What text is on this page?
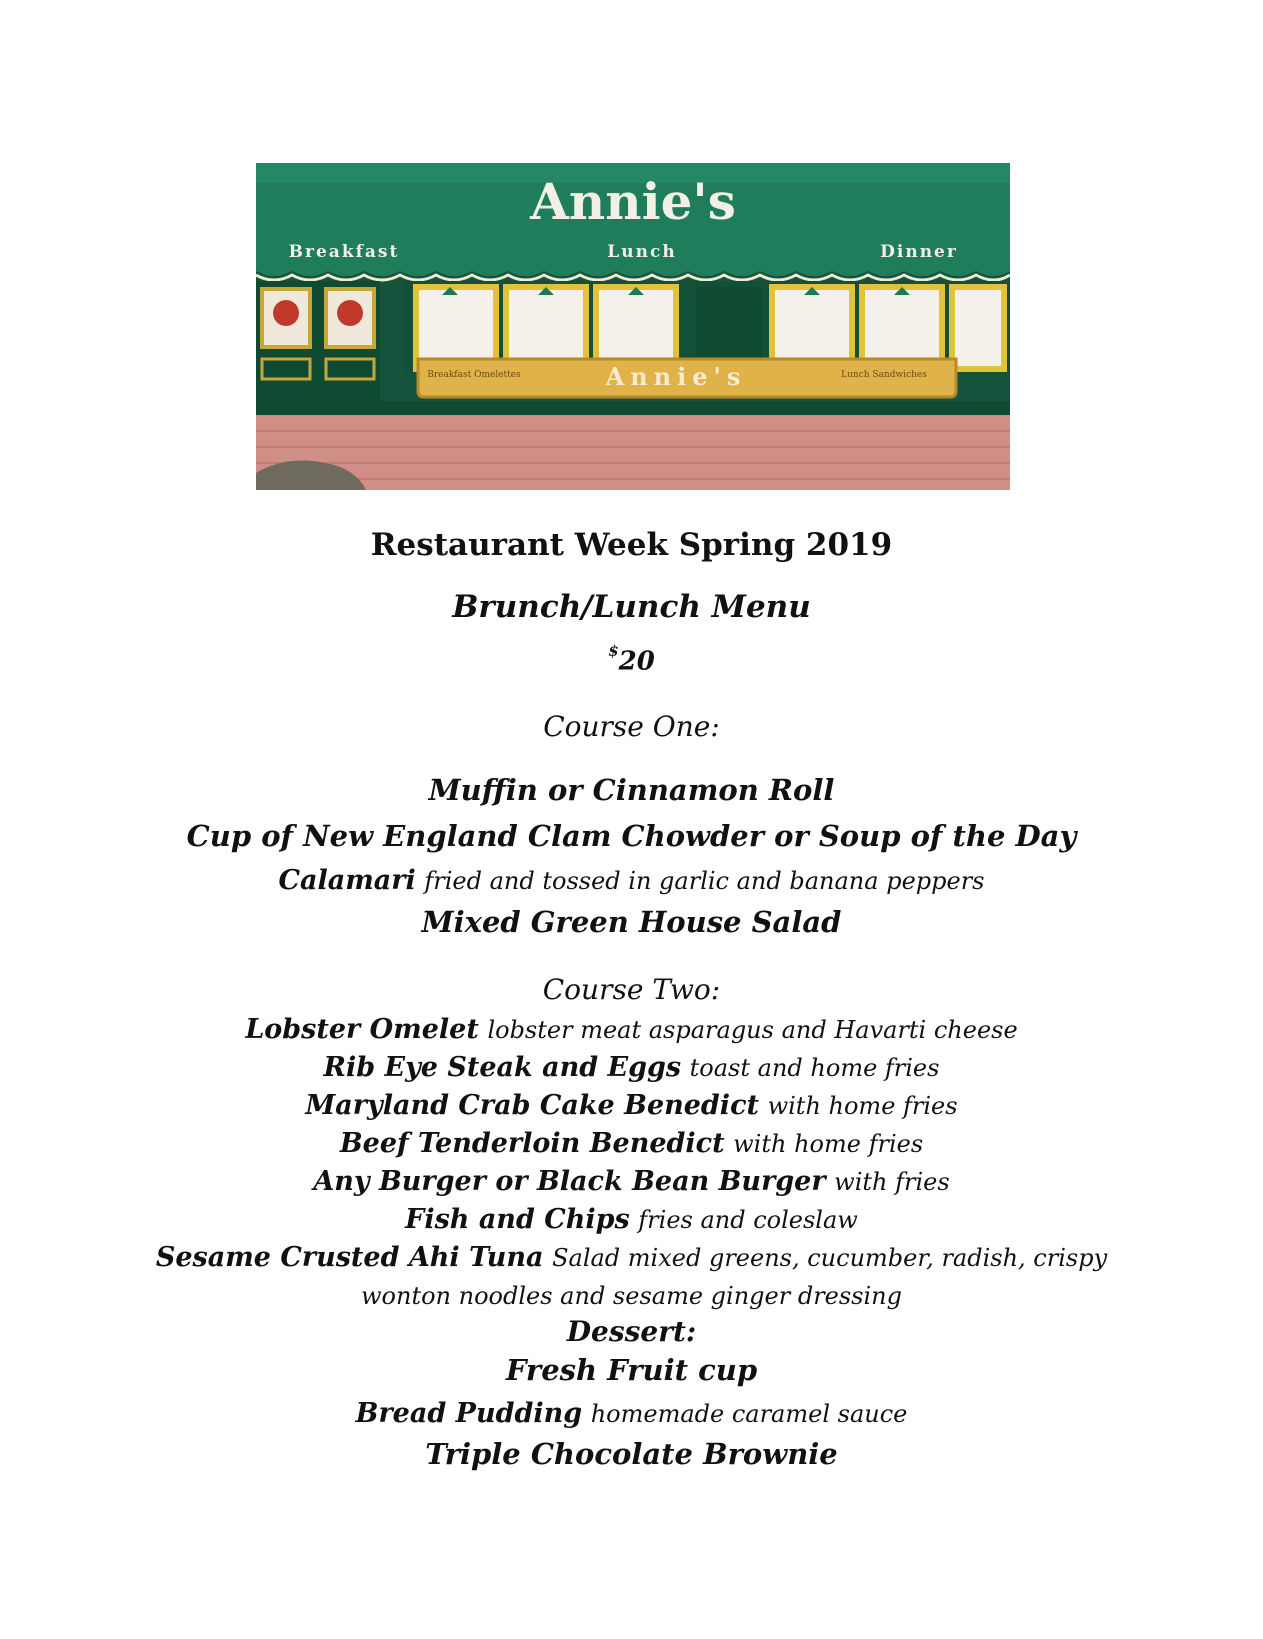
Annie's
Breakfast	Lunch	Dinner
Annie's
Breakfast Omelettes	Lunch Sandwiches
Restaurant Week Spring 2019
Brunch/Lunch Menu
$20
Course One:
Muffin or Cinnamon Roll
Cup of New England Clam Chowder or Soup of the Day
Calamari fried and tossed in garlic and banana peppers
Mixed Green House Salad
Course Two:
Lobster Omelet lobster meat asparagus and Havarti cheese
Rib Eye Steak and Eggs toast and home fries
Maryland Crab Cake Benedict with home fries
Beef Tenderloin Benedict with home fries
Any Burger or Black Bean Burger with fries
Fish and Chips fries and coleslaw
Sesame Crusted Ahi Tuna Salad mixed greens, cucumber, radish, crispy
wonton noodles and sesame ginger dressing
Dessert:
Fresh Fruit cup
Bread Pudding homemade caramel sauce
Triple Chocolate Brownie
